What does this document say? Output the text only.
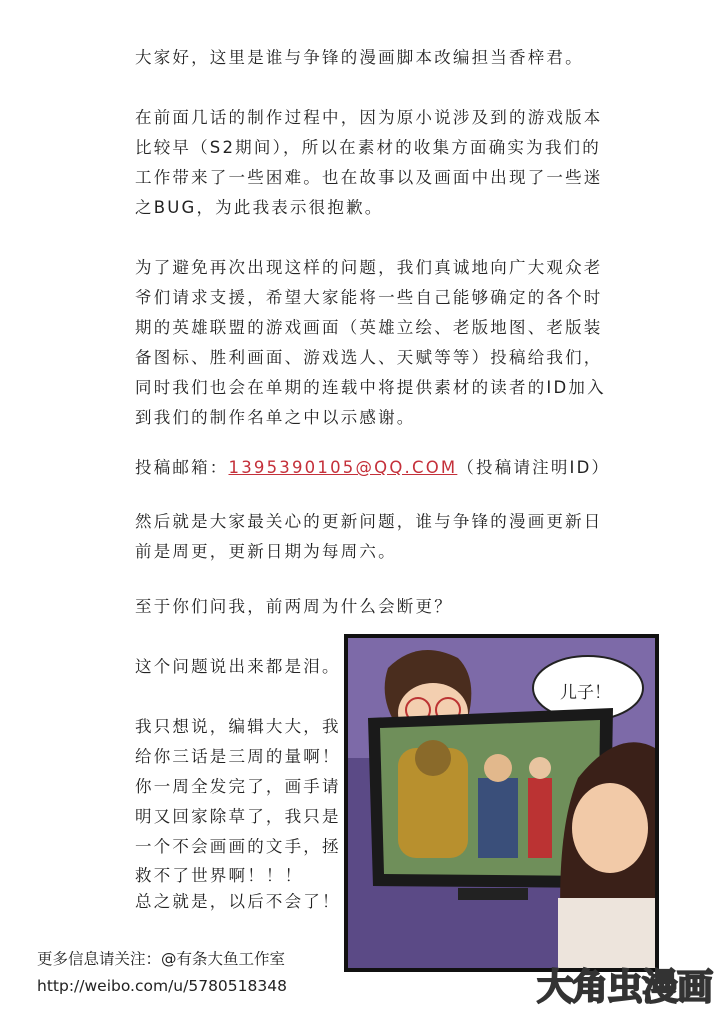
大家好，这里是谁与争锋的漫画脚本改编担当香梓君。
在前面几话的制作过程中，因为原小说涉及到的游戏版本
比较早（S2期间），所以在素材的收集方面确实为我们的
工作带来了一些困难。也在故事以及画面中出现了一些迷
之BUG，为此我表示很抱歉。
为了避免再次出现这样的问题，我们真诚地向广大观众老
爷们请求支援，希望大家能将一些自己能够确定的各个时
期的英雄联盟的游戏画面（英雄立绘、老版地图、老版装
备图标、胜利画面、游戏选人、天赋等等）投稿给我们，
同时我们也会在单期的连载中将提供素材的读者的ID加入
到我们的制作名单之中以示感谢。
投稿邮箱：1395390105@QQ.COM（投稿请注明ID）
然后就是大家最关心的更新问题，谁与争锋的漫画更新日
前是周更，更新日期为每周六。
至于你们问我，前两周为什么会断更？
这个问题说出来都是泪。
我只想说，编辑大大，我
给你三话是三周的量啊！
你一周全发完了，画手请
明又回家除草了，我只是
一个不会画画的文手，拯
救不了世界啊！！！
总之就是，以后不会了！
儿子！
更多信息请关注：@有条大鱼工作室
http://weibo.com/u/5780518348	大角虫漫画
